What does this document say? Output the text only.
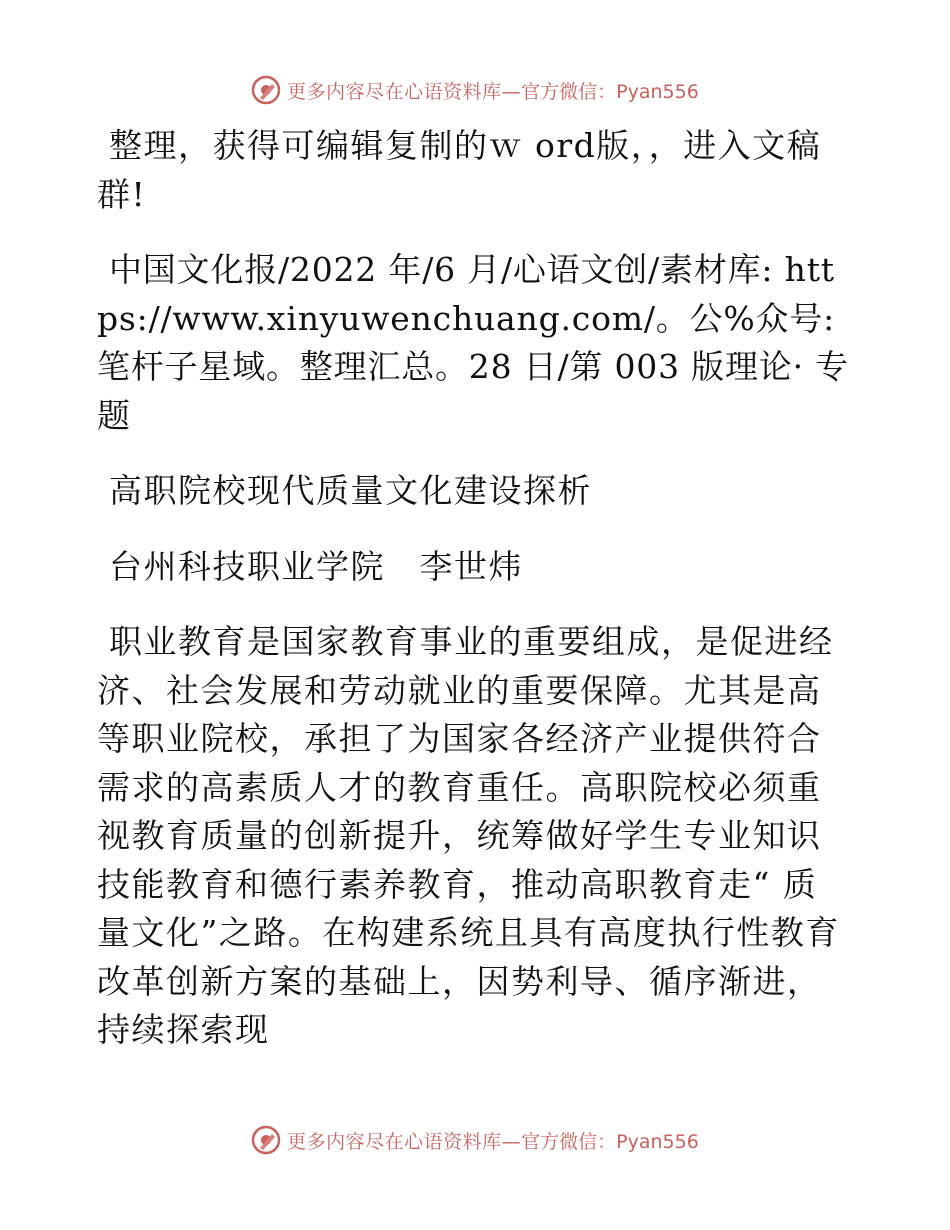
更多内容尽在心语资料库— 官方微信：Pyan556

整理，获得可编辑复制的ｗ ord版，，进入文稿群!

中国文化报/2022 年/6 月/心语文创/素材库: https://www.xinyuwenchuang.com/。公%众号: 笔杆子星域。整理汇总。28 日/第 003 版理论· 专题

高职院校现代质量文化建设探析

台州科技职业学院　李世炜

职业教育是国家教育事业的重要组成，是促进经济、社会发展和劳动就业的重要保障。尤其是高等职业院校，承担了为国家各经济产业提供符合需求的高素质人才的教育重任。高职院校必须重视教育质量的创新提升，统筹做好学生专业知识技能教育和德行素养教育，推动高职教育走“ 质量文化”之路。在构建系统且具有高度执行性教育改革创新方案的基础上，因势利导、循序渐进，持续探索现

更多内容尽在心语资料库— 官方微信：Pyan556
